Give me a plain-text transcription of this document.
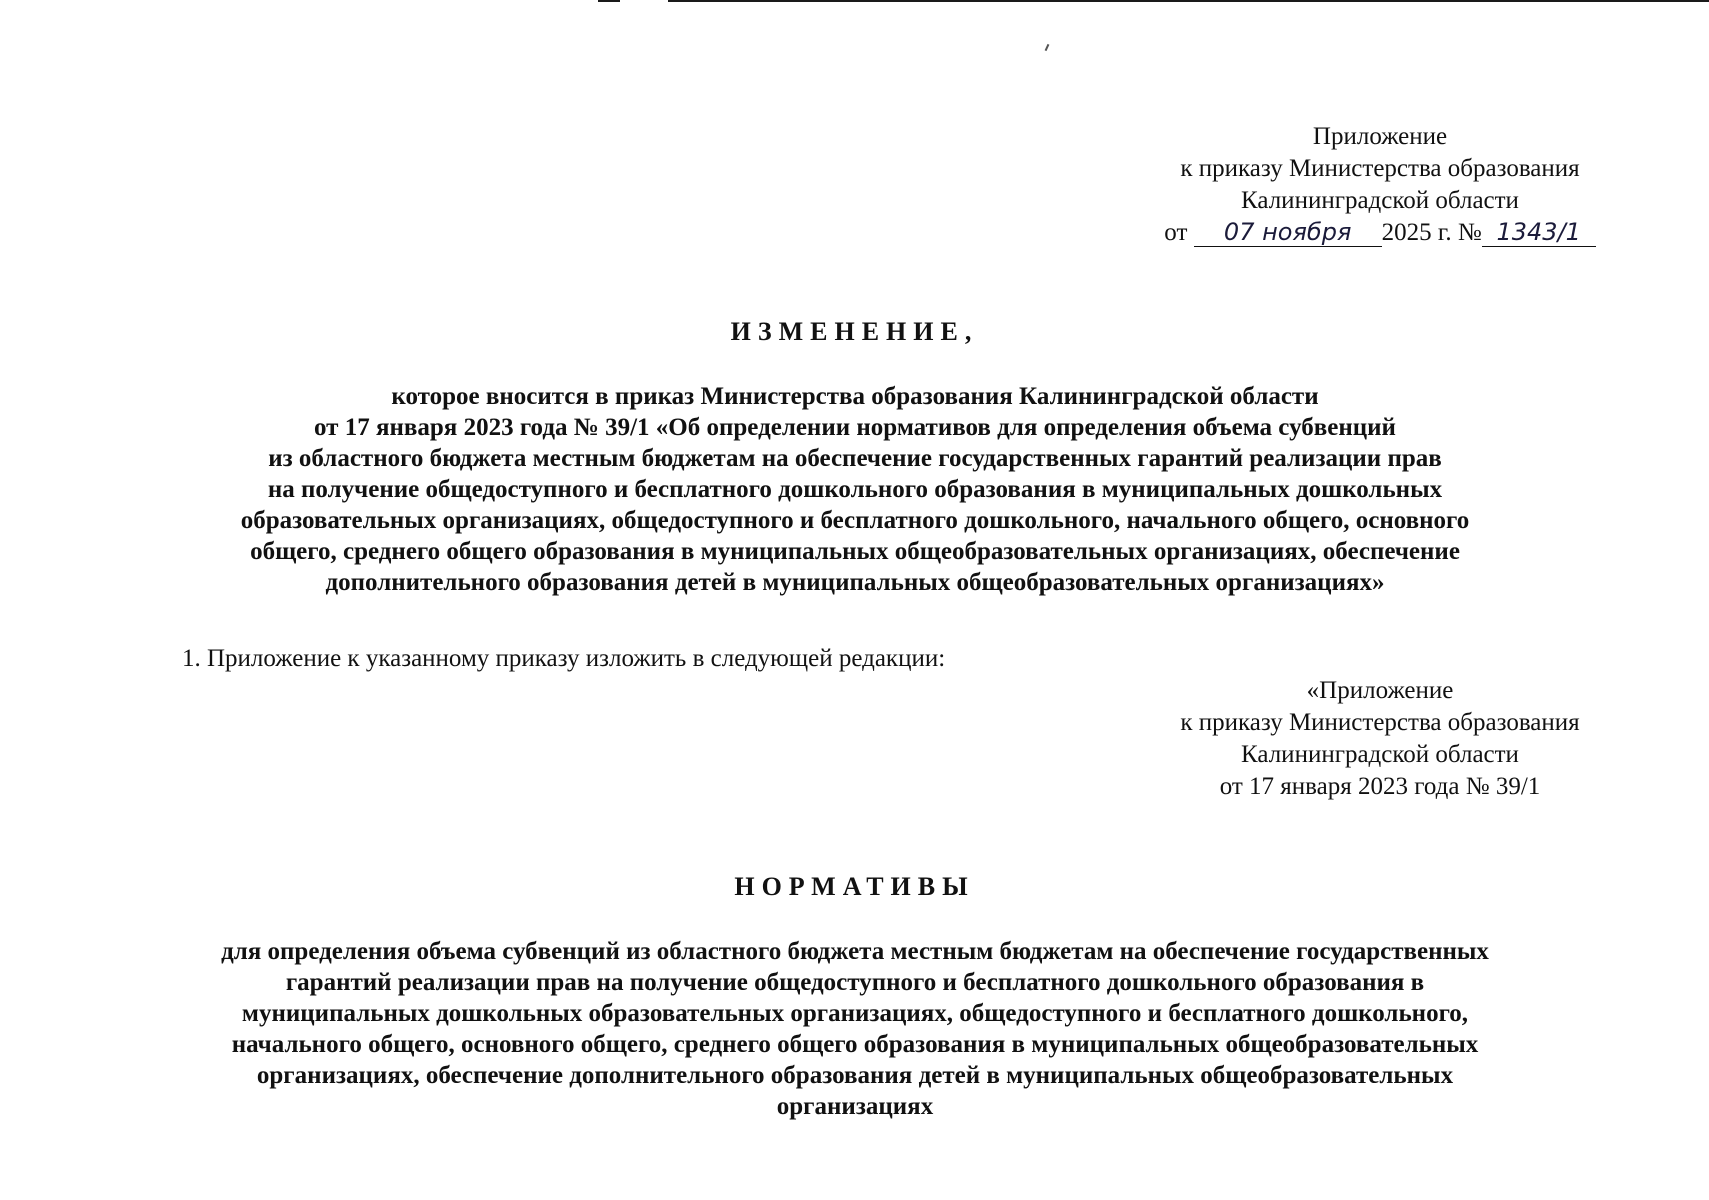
Приложение
к приказу Министерства образования
Калининградской области
от 07 ноября 2025 г. № 1343/1
ИЗМЕНЕНИЕ,
которое вносится в приказ Министерства образования Калининградской области
от 17 января 2023 года № 39/1 «Об определении нормативов для определения объема субвенций
из областного бюджета местным бюджетам на обеспечение государственных гарантий реализации прав
на получение общедоступного и бесплатного дошкольного образования в муниципальных дошкольных
образовательных организациях, общедоступного и бесплатного дошкольного, начального общего, основного
общего, среднего общего образования в муниципальных общеобразовательных организациях, обеспечение
дополнительного образования детей в муниципальных общеобразовательных организациях»
1. Приложение к указанному приказу изложить в следующей редакции:
«Приложение
к приказу Министерства образования
Калининградской области
от 17 января 2023 года № 39/1
НОРМАТИВЫ
для определения объема субвенций из областного бюджета местным бюджетам на обеспечение государственных
гарантий реализации прав на получение общедоступного и бесплатного дошкольного образования в
муниципальных дошкольных образовательных организациях, общедоступного и бесплатного дошкольного,
начального общего, основного общего, среднего общего образования в муниципальных общеобразовательных
организациях, обеспечение дополнительного образования детей в муниципальных общеобразовательных
организациях
